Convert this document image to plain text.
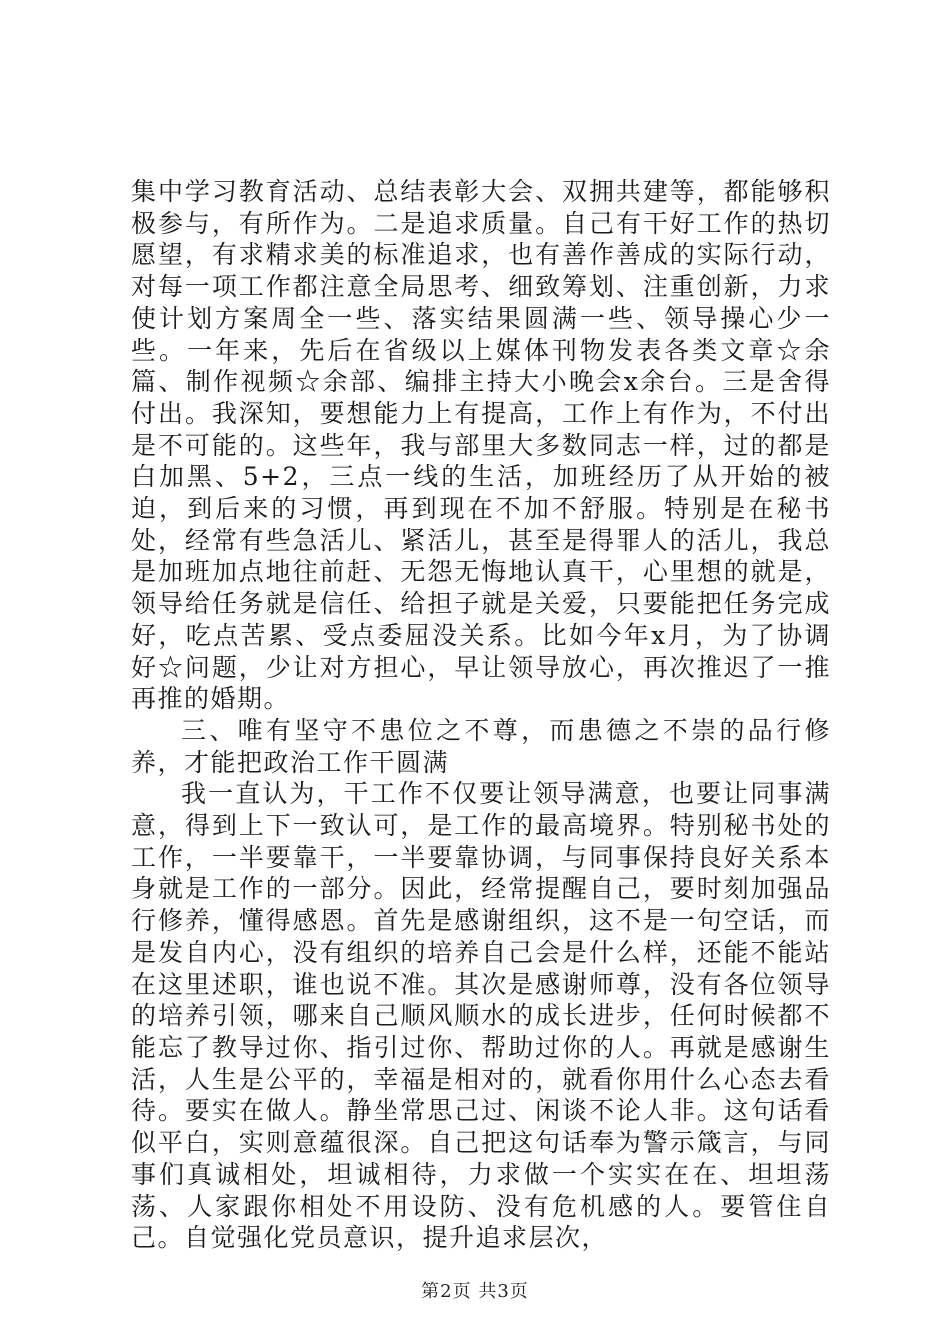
集中学习教育活动、总结表彰大会、双拥共建等，都能够积极参与，有所作为。二是追求质量。自己有干好工作的热切愿望，有求精求美的标准追求，也有善作善成的实际行动，对每一项工作都注意全局思考、细致筹划、注重创新，力求使计划方案周全一些、落实结果圆满一些、领导操心少一些。一年来，先后在省级以上媒体刊物发表各类文章☆余篇、制作视频☆余部、编排主持大小晚会x余台。三是舍得付出。我深知，要想能力上有提高，工作上有作为，不付出是不可能的。这些年，我与部里大多数同志一样，过的都是白加黑、5+2，三点一线的生活，加班经历了从开始的被迫，到后来的习惯，再到现在不加不舒服。特别是在秘书处，经常有些急活儿、紧活儿，甚至是得罪人的活儿，我总是加班加点地往前赶、无怨无悔地认真干，心里想的就是，领导给任务就是信任、给担子就是关爱，只要能把任务完成好，吃点苦累、受点委屈没关系。比如今年x月，为了协调好☆问题，少让对方担心，早让领导放心，再次推迟了一推再推的婚期。

三、唯有坚守不患位之不尊，而患德之不崇的品行修养，才能把政治工作干圆满

我一直认为，干工作不仅要让领导满意，也要让同事满意，得到上下一致认可，是工作的最高境界。特别秘书处的工作，一半要靠干，一半要靠协调，与同事保持良好关系本身就是工作的一部分。因此，经常提醒自己，要时刻加强品行修养，懂得感恩。首先是感谢组织，这不是一句空话，而是发自内心，没有组织的培养自己会是什么样，还能不能站在这里述职，谁也说不准。其次是感谢师尊，没有各位领导的培养引领，哪来自己顺风顺水的成长进步，任何时候都不能忘了教导过你、指引过你、帮助过你的人。再就是感谢生活，人生是公平的，幸福是相对的，就看你用什么心态去看待。要实在做人。静坐常思己过、闲谈不论人非。这句话看似平白，实则意蕴很深。自己把这句话奉为警示箴言，与同事们真诚相处，坦诚相待，力求做一个实实在在、坦坦荡荡、人家跟你相处不用设防、没有危机感的人。要管住自己。自觉强化党员意识，提升追求层次，

第2页 共3页
